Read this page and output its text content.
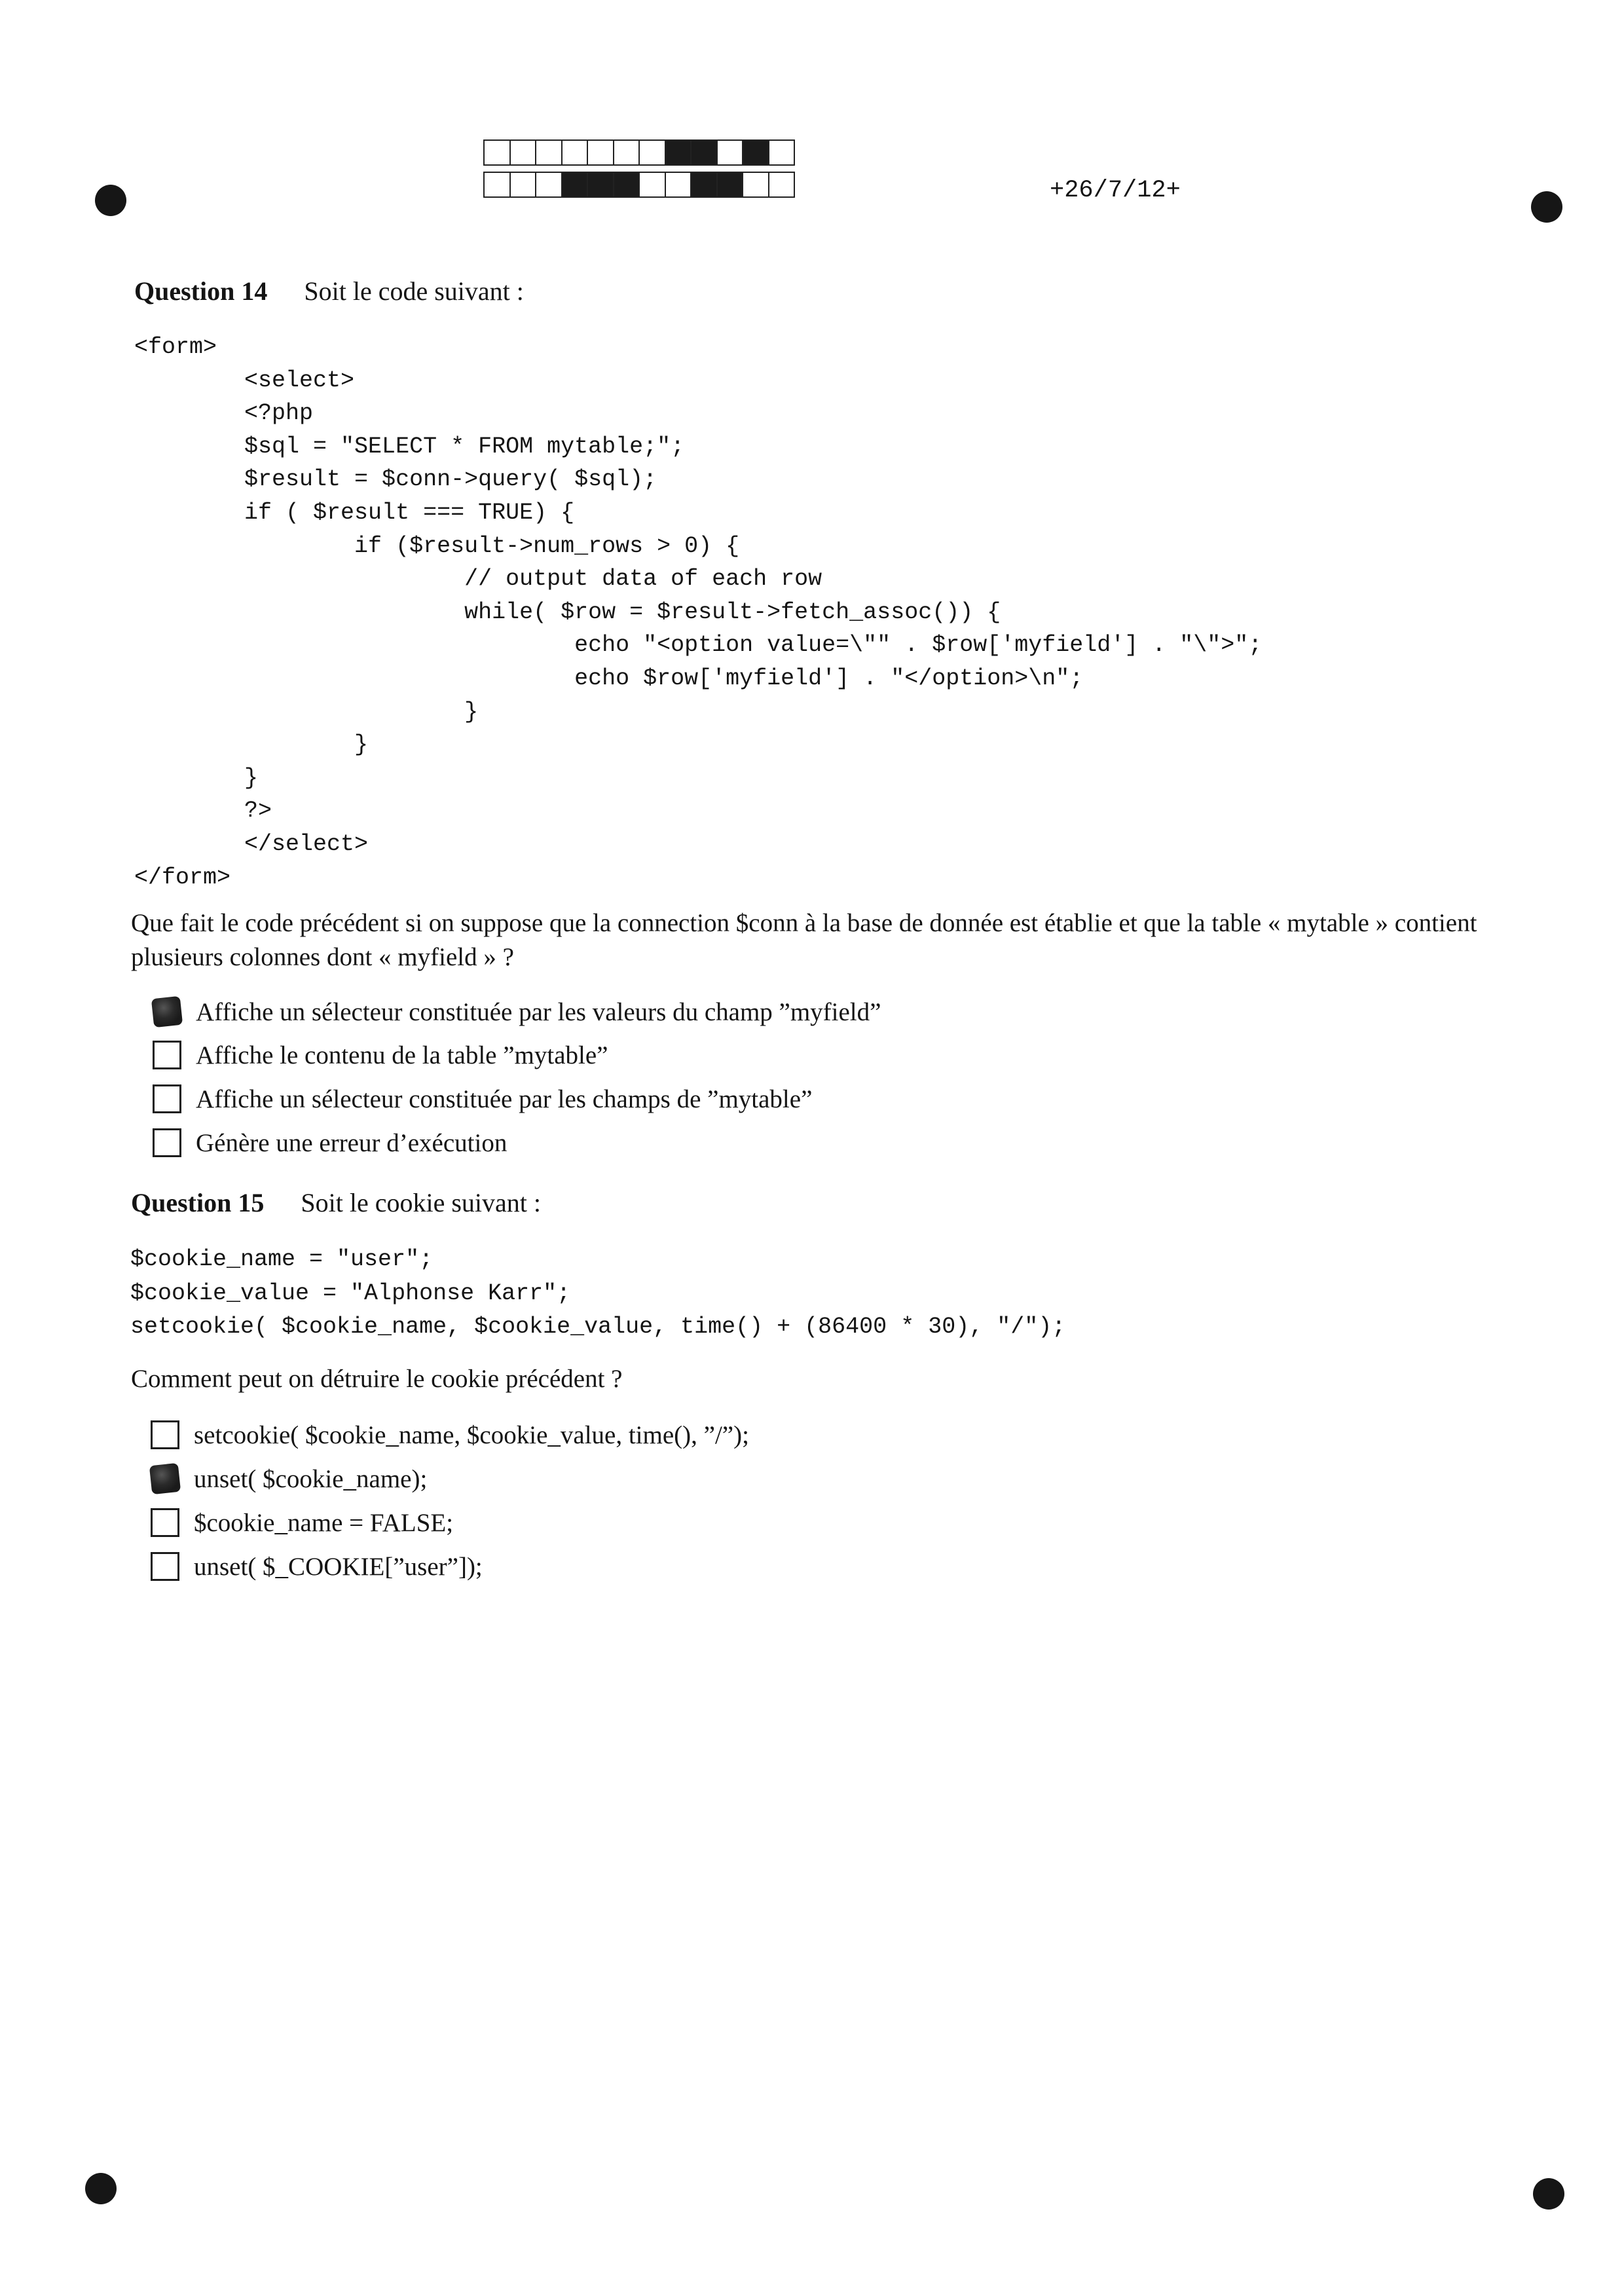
+26/7/12+
Question 14 Soit le code suivant :
<form>
<select>
<?php
$sql = "SELECT * FROM mytable;";
$result = $conn->query( $sql);
if ( $result === TRUE) {
if ($result->num_rows > 0) {
// output data of each row
while( $row = $result->fetch_assoc()) {
echo "<option value=\"" . $row['myfield'] . "\">";
echo $row['myfield'] . "</option>\n";
}
}
}
?>
</select>
</form>
Que fait le code précédent si on suppose que la connection $conn à la base de donnée est établie et que la table « mytable » contient plusieurs colonnes dont « myfield » ?
Affiche un sélecteur constituée par les valeurs du champ ”myfield”
Affiche le contenu de la table ”mytable”
Affiche un sélecteur constituée par les champs de ”mytable”
Génère une erreur d’exécution
Question 15 Soit le cookie suivant :
$cookie_name = "user";
$cookie_value = "Alphonse Karr";
setcookie( $cookie_name, $cookie_value, time() + (86400 * 30), "/");
Comment peut on détruire le cookie précédent ?
setcookie( $cookie_name, $cookie_value, time(), ”/”);
unset( $cookie_name);
$cookie_name = FALSE;
unset( $_COOKIE[”user”]);
